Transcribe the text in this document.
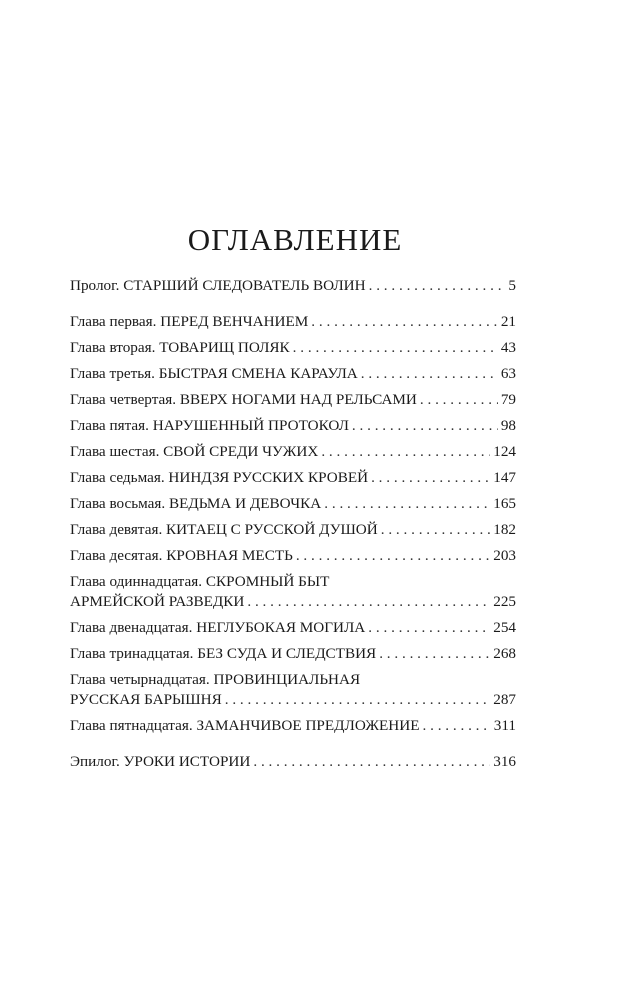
ОГЛАВЛЕНИЕ
Пролог. СТАРШИЙ СЛЕДОВАТЕЛЬ ВОЛИН . . .	5
Глава первая. ПЕРЕД ВЕНЧАНИЕМ . . .	21
Глава вторая. ТОВАРИЩ ПОЛЯК . . .	43
Глава третья. БЫСТРАЯ СМЕНА КАРАУЛА . . .	63
Глава четвертая. ВВЕРХ НОГАМИ НАД РЕЛЬСАМИ . . .	79
Глава пятая. НАРУШЕННЫЙ ПРОТОКОЛ . . .	98
Глава шестая. СВОЙ СРЕДИ ЧУЖИХ . . .	124
Глава седьмая. НИНДЗЯ РУССКИХ КРОВЕЙ . . .	147
Глава восьмая. ВЕДЬМА И ДЕВОЧКА . . .	165
Глава девятая. КИТАЕЦ С РУССКОЙ ДУШОЙ . . .	182
Глава десятая. КРОВНАЯ МЕСТЬ . . .	203
Глава одиннадцатая. СКРОМНЫЙ БЫТ
АРМЕЙСКОЙ РАЗВЕДКИ . . .	225
Глава двенадцатая. НЕГЛУБОКАЯ МОГИЛА . . .	254
Глава тринадцатая. БЕЗ СУДА И СЛЕДСТВИЯ . . .	268
Глава четырнадцатая. ПРОВИНЦИАЛЬНАЯ
РУССКАЯ БАРЫШНЯ . . .	287
Глава пятнадцатая. ЗАМАНЧИВОЕ ПРЕДЛОЖЕНИЕ . . .	311
Эпилог. УРОКИ ИСТОРИИ . . .	316
